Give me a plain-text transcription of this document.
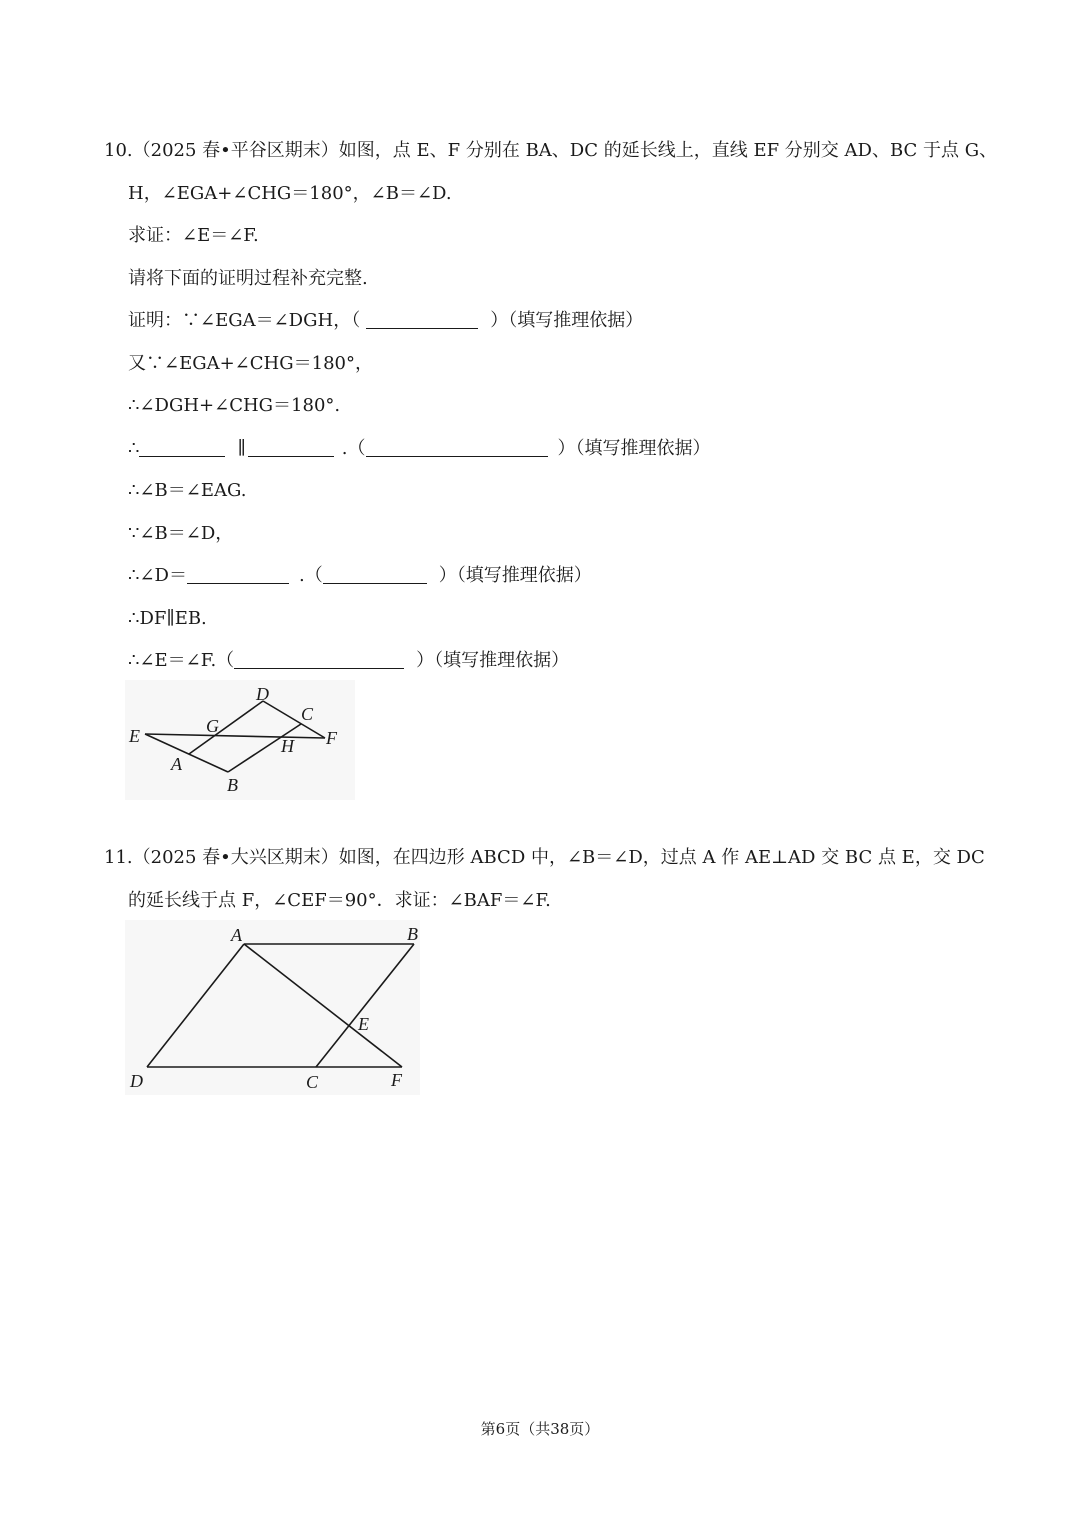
10.（2025 春•平谷区期末）如图，点 E、F 分别在 BA、DC 的延长线上，直线 EF 分别交 AD、BC 于点 G、
H，∠EGA+∠CHG＝180°，∠B＝∠D.
求证：∠E＝∠F.
请将下面的证明过程补充完整.
证明：∵∠EGA＝∠DGH，（	）（填写推理依据）
又∵∠EGA+∠CHG＝180°，
∴∠DGH+∠CHG＝180°.
∴	∥	.（	）（填写推理依据）
∴∠B＝∠EAG.
∵∠B＝∠D，
∴∠D＝	.（	）（填写推理依据）
∴DF∥EB.
∴∠E＝∠F.（	）（填写推理依据）
D
C
G
E	H F
A
B
11.（2025 春•大兴区期末）如图，在四边形 ABCD 中，∠B＝∠D，过点 A 作 AE⊥AD 交 BC 点 E，交 DC
的延长线于点 F，∠CEF＝90°．求证：∠BAF＝∠F.
A	B
E
D	C	F
第6页（共38页）
